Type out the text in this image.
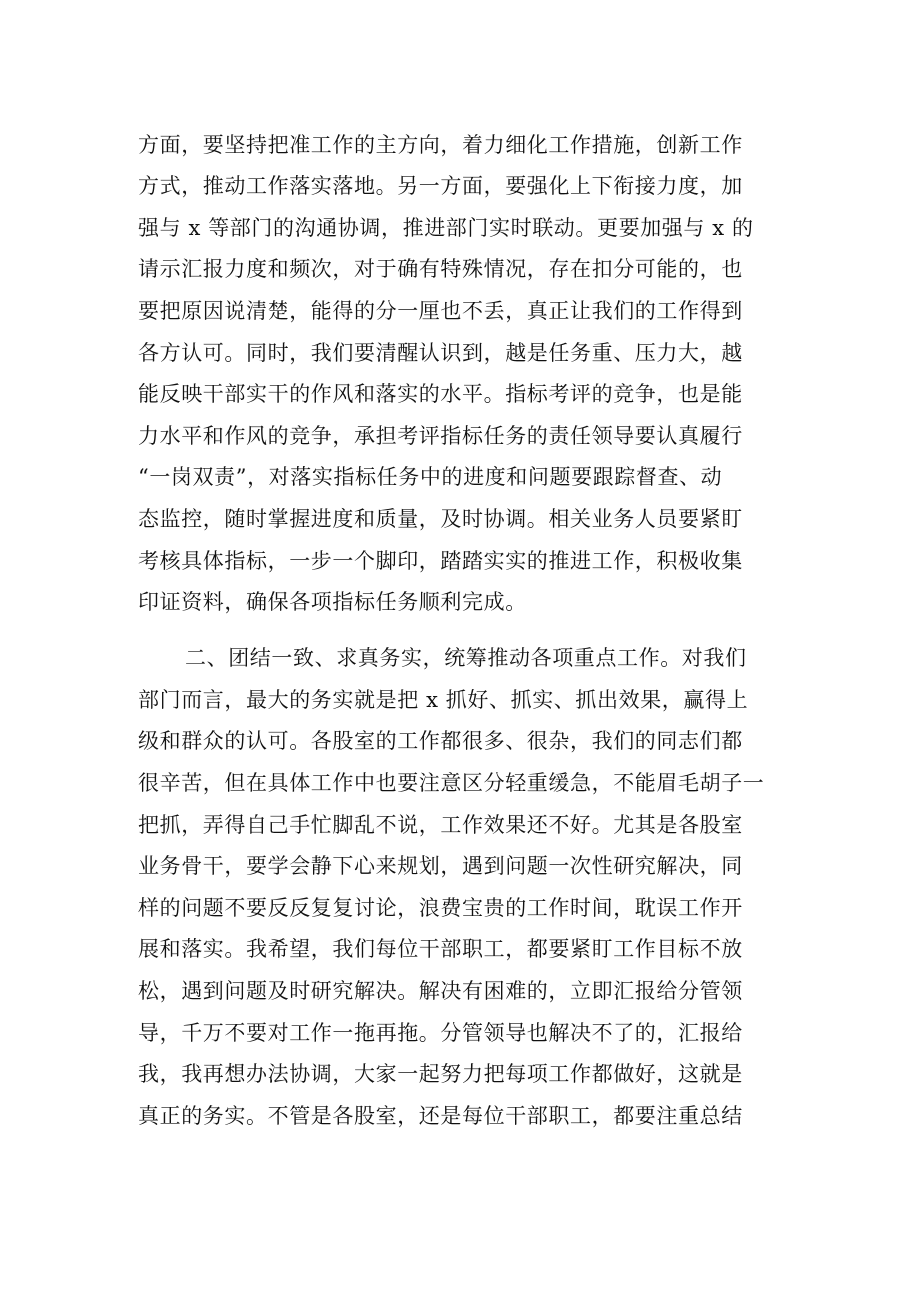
方面，要坚持把准工作的主方向，着力细化工作措施，创新工作
方式，推动工作落实落地。另一方面，要强化上下衔接力度，加
强与 x 等部门的沟通协调，推进部门实时联动。更要加强与 x 的
请示汇报力度和频次，对于确有特殊情况，存在扣分可能的，也
要把原因说清楚，能得的分一厘也不丢，真正让我们的工作得到
各方认可。同时，我们要清醒认识到，越是任务重、压力大，越
能反映干部实干的作风和落实的水平。指标考评的竞争，也是能
力水平和作风的竞争，承担考评指标任务的责任领导要认真履行
“一岗双责”，对落实指标任务中的进度和问题要跟踪督查、动
态监控，随时掌握进度和质量，及时协调。相关业务人员要紧盯
考核具体指标，一步一个脚印，踏踏实实的推进工作，积极收集
印证资料，确保各项指标任务顺利完成。
二、团结一致、求真务实，统筹推动各项重点工作。对我们
部门而言，最大的务实就是把 x 抓好、抓实、抓出效果，赢得上
级和群众的认可。各股室的工作都很多、很杂，我们的同志们都
很辛苦，但在具体工作中也要注意区分轻重缓急，不能眉毛胡子一
把抓，弄得自己手忙脚乱不说，工作效果还不好。尤其是各股室
业务骨干，要学会静下心来规划，遇到问题一次性研究解决，同
样的问题不要反反复复讨论，浪费宝贵的工作时间，耽误工作开
展和落实。我希望，我们每位干部职工，都要紧盯工作目标不放
松，遇到问题及时研究解决。解决有困难的，立即汇报给分管领
导，千万不要对工作一拖再拖。分管领导也解决不了的，汇报给
我，我再想办法协调，大家一起努力把每项工作都做好，这就是
真正的务实。不管是各股室，还是每位干部职工，都要注重总结
